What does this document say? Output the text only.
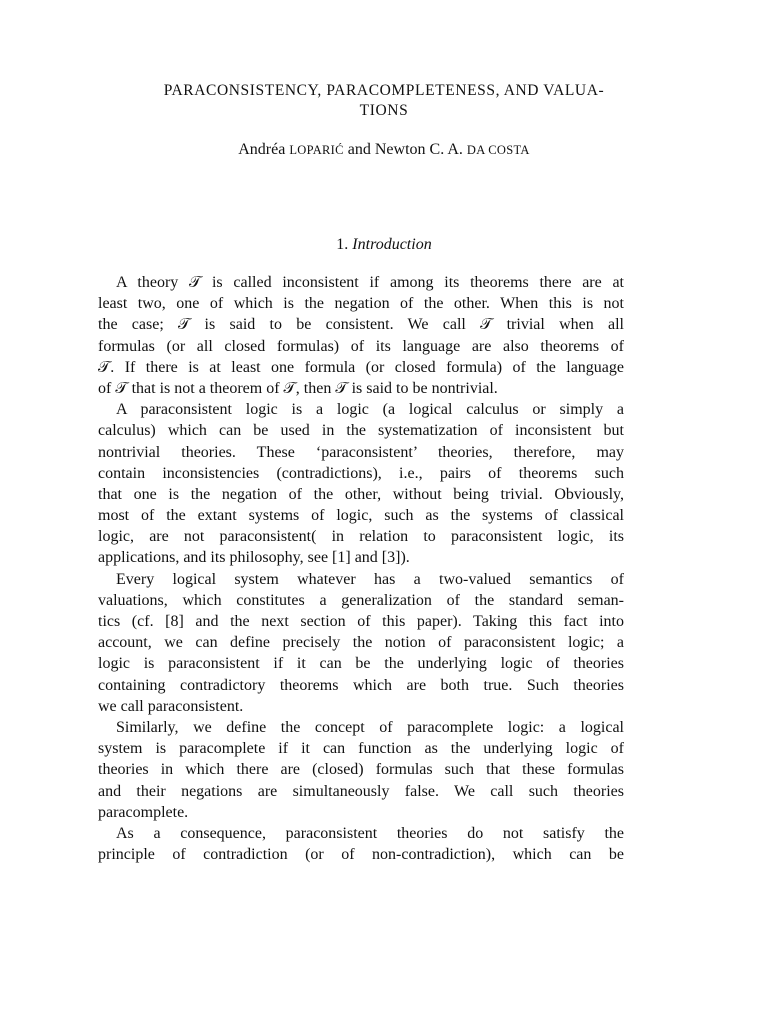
PARACONSISTENCY, PARACOMPLETENESS, AND VALUA-
TIONS
Andréa LOPARIĆ and Newton C. A. DA COSTA
1. Introduction
A theory 𝒯 is called inconsistent if among its theorems there are at
least two, one of which is the negation of the other. When this is not
the case; 𝒯 is said to be consistent. We call 𝒯 trivial when all
formulas (or all closed formulas) of its language are also theorems of
𝒯. If there is at least one formula (or closed formula) of the language
of 𝒯 that is not a theorem of 𝒯, then 𝒯 is said to be nontrivial.
A paraconsistent logic is a logic (a logical calculus or simply a
calculus) which can be used in the systematization of inconsistent but
nontrivial theories. These ‘paraconsistent’ theories, therefore, may
contain inconsistencies (contradictions), i.e., pairs of theorems such
that one is the negation of the other, without being trivial. Obviously,
most of the extant systems of logic, such as the systems of classical
logic, are not paraconsistent( in relation to paraconsistent logic, its
applications, and its philosophy, see [1] and [3]).
Every logical system whatever has a two-valued semantics of
valuations, which constitutes a generalization of the standard seman-
tics (cf. [8] and the next section of this paper). Taking this fact into
account, we can define precisely the notion of paraconsistent logic; a
logic is paraconsistent if it can be the underlying logic of theories
containing contradictory theorems which are both true. Such theories
we call paraconsistent.
Similarly, we define the concept of paracomplete logic: a logical
system is paracomplete if it can function as the underlying logic of
theories in which there are (closed) formulas such that these formulas
and their negations are simultaneously false. We call such theories
paracomplete.
As a consequence, paraconsistent theories do not satisfy the
principle of contradiction (or of non-contradiction), which can be
